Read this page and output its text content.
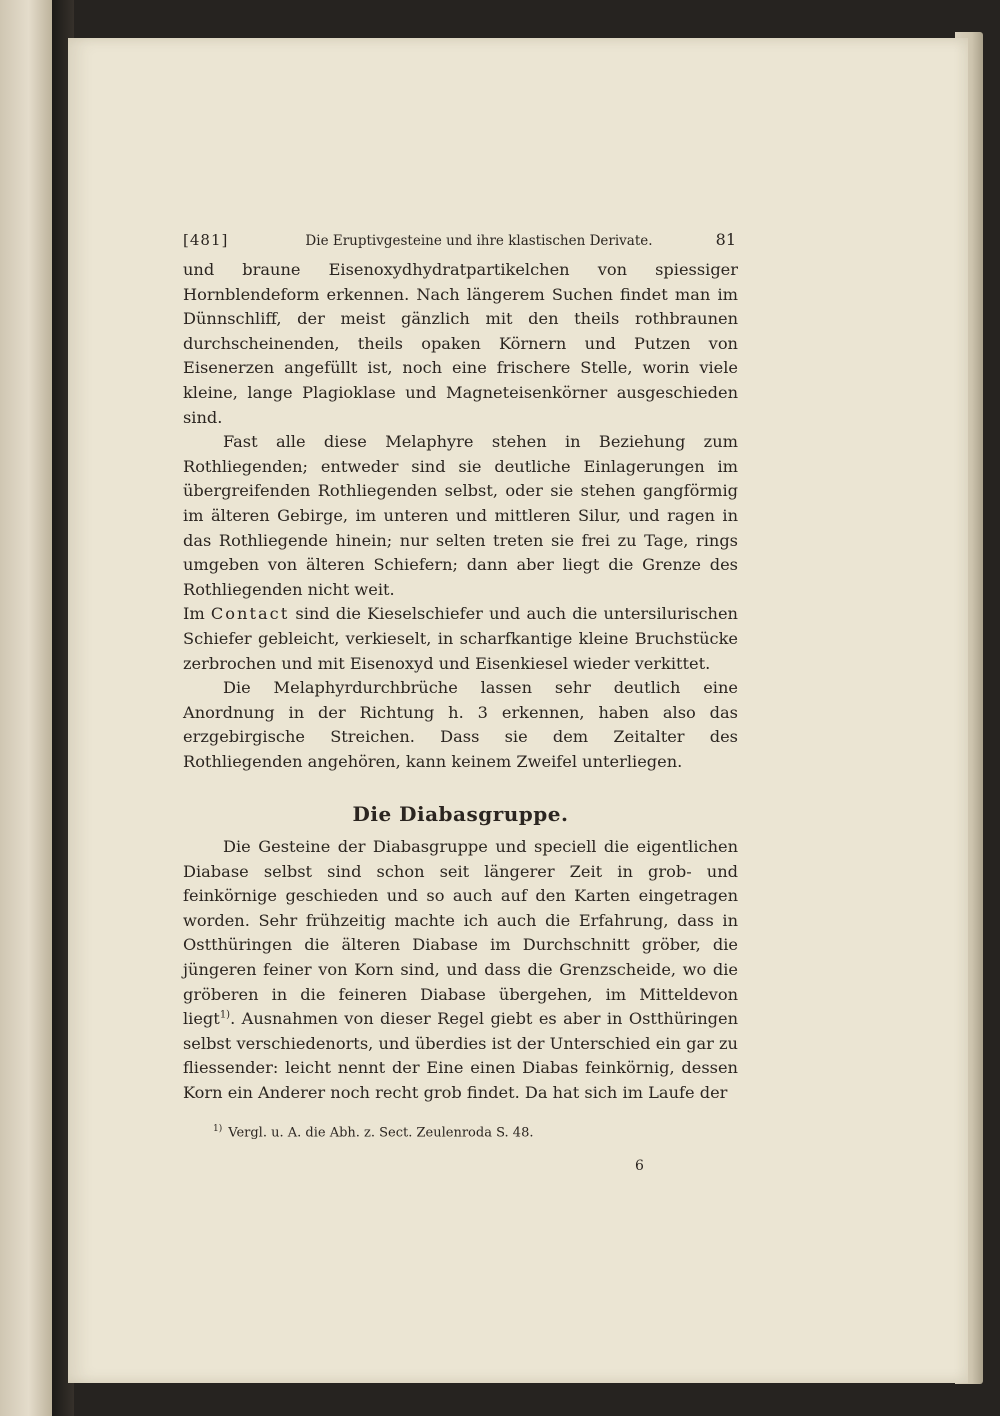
[481]	Die Eruptivgesteine und ihre klastischen Derivate.	81

und braune Eisenoxydhydratpartikelchen von spiessiger Hornblendeform erkennen. Nach längerem Suchen findet man im Dünnschliff, der meist gänzlich mit den theils rothbraunen durchscheinenden, theils opaken Körnern und Putzen von Eisenerzen angefüllt ist, noch eine frischere Stelle, worin viele kleine, lange Plagioklase und Magneteisenkörner ausgeschieden sind.

Fast alle diese Melaphyre stehen in Beziehung zum Rothliegenden; entweder sind sie deutliche Einlagerungen im übergreifenden Rothliegenden selbst, oder sie stehen gangförmig im älteren Gebirge, im unteren und mittleren Silur, und ragen in das Rothliegende hinein; nur selten treten sie frei zu Tage, rings umgeben von älteren Schiefern; dann aber liegt die Grenze des Rothliegenden nicht weit.

Im Contact sind die Kieselschiefer und auch die untersilurischen Schiefer gebleicht, verkieselt, in scharfkantige kleine Bruchstücke zerbrochen und mit Eisenoxyd und Eisenkiesel wieder verkittet.

Die Melaphyrdurchbrüche lassen sehr deutlich eine Anordnung in der Richtung h. 3 erkennen, haben also das erzgebirgische Streichen. Dass sie dem Zeitalter des Rothliegenden angehören, kann keinem Zweifel unterliegen.

Die Diabasgruppe.

Die Gesteine der Diabasgruppe und speciell die eigentlichen Diabase selbst sind schon seit längerer Zeit in grob- und feinkörnige geschieden und so auch auf den Karten eingetragen worden. Sehr frühzeitig machte ich auch die Erfahrung, dass in Ostthüringen die älteren Diabase im Durchschnitt gröber, die jüngeren feiner von Korn sind, und dass die Grenzscheide, wo die gröberen in die feineren Diabase übergehen, im Mitteldevon liegt$^{1)}$. Ausnahmen von dieser Regel giebt es aber in Ostthüringen selbst verschiedenorts, und überdies ist der Unterschied ein gar zu fliessender: leicht nennt der Eine einen Diabas feinkörnig, dessen Korn ein Anderer noch recht grob findet. Da hat sich im Laufe der

$^{1)}$ Vergl. u. A. die Abh. z. Sect. Zeulenroda S. 48.
6
